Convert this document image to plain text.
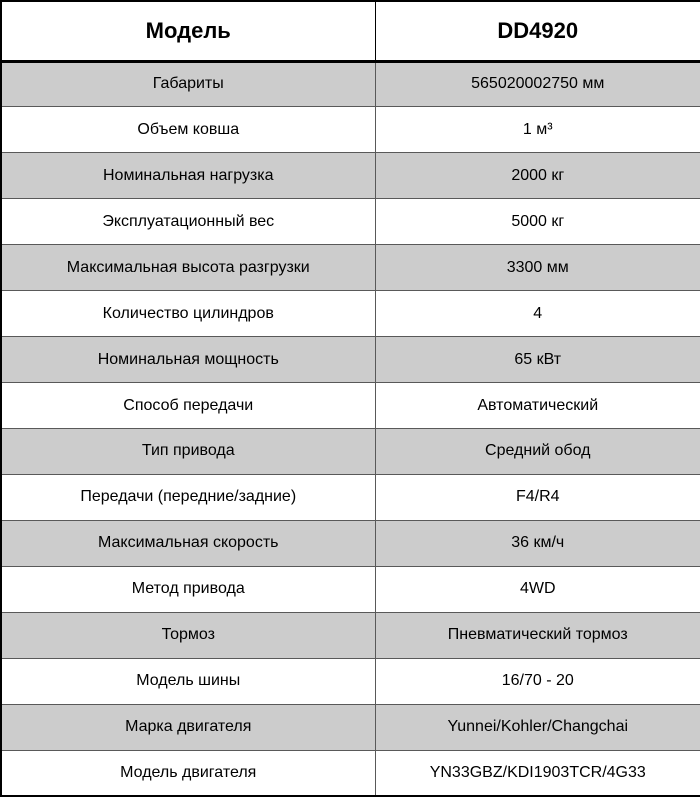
Модель	DD4920
Габариты	565020002750 мм
Объем ковша	1 м³
Номинальная нагрузка	2000 кг
Эксплуатационный вес	5000 кг
Максимальная высота разгрузки	3300 мм
Количество цилиндров	4
Номинальная мощность	65 кВт
Способ передачи	Автоматический
Тип привода	Средний обод
Передачи (передние/задние)	F4/R4
Максимальная скорость	36 км/ч
Метод привода	4WD
Тормоз	Пневматический тормоз
Модель шины	16/70 - 20
Марка двигателя	Yunnei/Kohler/Changchai
Модель двигателя	YN33GBZ/KDI1903TCR/4G33
